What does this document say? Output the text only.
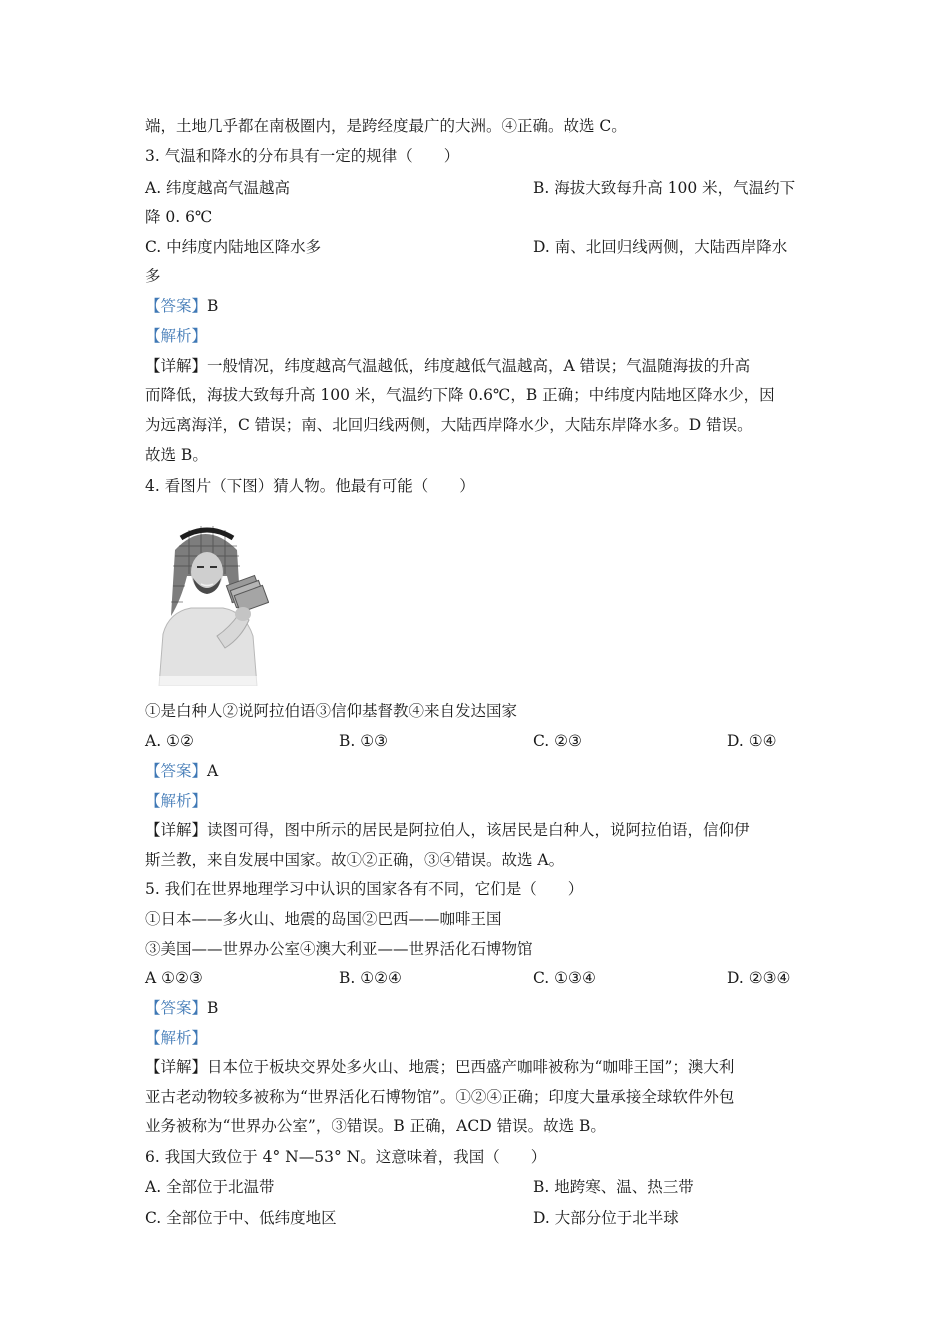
端，土地几乎都在南极圈内，是跨经度最广的大洲。④正确。故选 C。
3. 气温和降水的分布具有一定的规律（　　）
A. 纬度越高气温越高	B. 海拔大致每升高 100 米，气温约下
降 0. 6℃
C. 中纬度内陆地区降水多	D. 南、北回归线两侧，大陆西岸降水
多
【答案】B
【解析】
【详解】一般情况，纬度越高气温越低，纬度越低气温越高，A 错误；气温随海拔的升高
而降低，海拔大致每升高 100 米，气温约下降 0.6℃，B 正确；中纬度内陆地区降水少，因
为远离海洋，C 错误；南、北回归线两侧，大陆西岸降水少，大陆东岸降水多。D 错误。
故选 B。
4. 看图片（下图）猜人物。他最有可能（　　）
①是白种人②说阿拉伯语③信仰基督教④来自发达国家
A. ①②	B. ①③	C. ②③	D. ①④
【答案】A
【解析】
【详解】读图可得，图中所示的居民是阿拉伯人，该居民是白种人，说阿拉伯语，信仰伊
斯兰教，来自发展中国家。故①②正确，③④错误。故选 A。
5. 我们在世界地理学习中认识的国家各有不同，它们是（　　）
①日本——多火山、地震的岛国②巴西——咖啡王国
③美国——世界办公室④澳大利亚——世界活化石博物馆
A ①②③	B. ①②④	C. ①③④	D. ②③④
【答案】B
【解析】
【详解】日本位于板块交界处多火山、地震；巴西盛产咖啡被称为“咖啡王国”；澳大利
亚古老动物较多被称为“世界活化石博物馆”。①②④正确；印度大量承接全球软件外包
业务被称为“世界办公室”，③错误。B 正确，ACD 错误。故选 B。
6. 我国大致位于 4° N—53° N。这意味着，我国（　　）
A. 全部位于北温带	B. 地跨寒、温、热三带
C. 全部位于中、低纬度地区	D. 大部分位于北半球
